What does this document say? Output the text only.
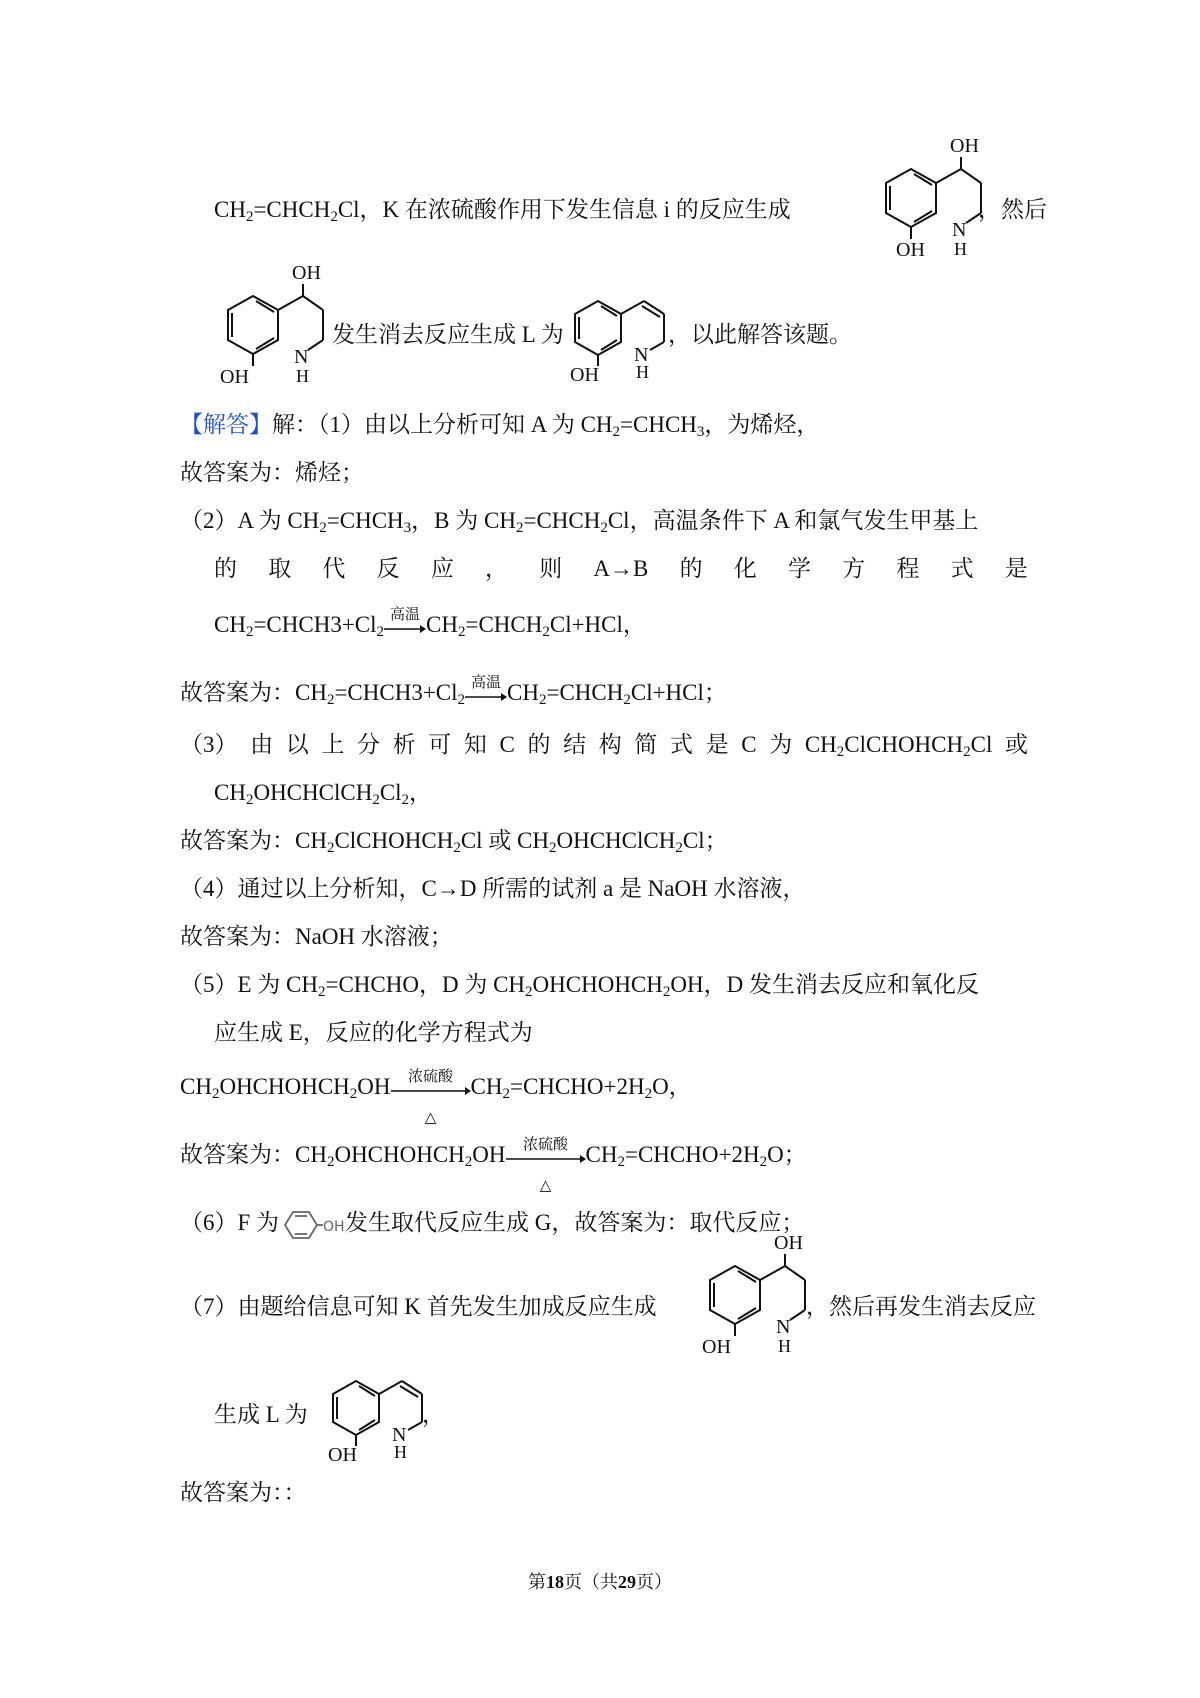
$CH_2=CHCH_2Cl$，K 在浓硫酸作用下发生信息 i 的反应生成
OH
N
H
OH
，然后
OH
N
H
OH
发生消去反应生成 L 为
N
H
OH
，以此解答该题。
【解答】解：（1）由以上分析可知 A 为 $CH_2=CHCH_3$，为烯烃，
故答案为：烯烃；
（2）A 为 $CH_2=CHCH_3$，B 为 $CH_2=CHCH_2Cl$，高温条件下 A 和氯气发生甲基上
的 取 代 反 应 ， 则 A→B 的 化 学 方 程 式 是
$CH_2=CHCH3+Cl_2$
高温 $CH_2=CHCH_2Cl+HCl$，
故答案为：$CH_2=CHCH3+Cl_2$
高温 $CH_2=CHCH_2Cl+HCl$；
（3） 由 以 上 分 析 可 知 C 的 结 构 简 式 是 C 为 $CH_2ClCHOHCH_2Cl$ 或
$CH_2OHCHClCH_2Cl_2$，
故答案为：$CH_2ClCHOHCH_2Cl$ 或 $CH_2OHCHClCH_2Cl$；
（4）通过以上分析知，C→D 所需的试剂 a 是 NaOH 水溶液，
故答案为：NaOH 水溶液；
（5）E 为 $CH_2=CHCHO$，D 为 $CH_2OHCHOHCH_2OH$，D 发生消去反应和氧化反
应生成 E，反应的化学方程式为
$CH_2OHCHOHCH_2OH$	浓硫酸
△
$CH_2=CHCHO+2H_2O$，
故答案为：$CH_2OHCHOHCH_2OH$	浓硫酸
△
$CH_2=CHCHO+2H_2O$；
（6）F 为	OH 发生取代反应生成 G，故答案为：取代反应；
（7）由题给信息可知 K 首先发生加成反应生成
OH
N
H
OH
，然后再发生消去反应
生成 L 为
N
H
OH
，
故答案为：：
第18页（共29页）
